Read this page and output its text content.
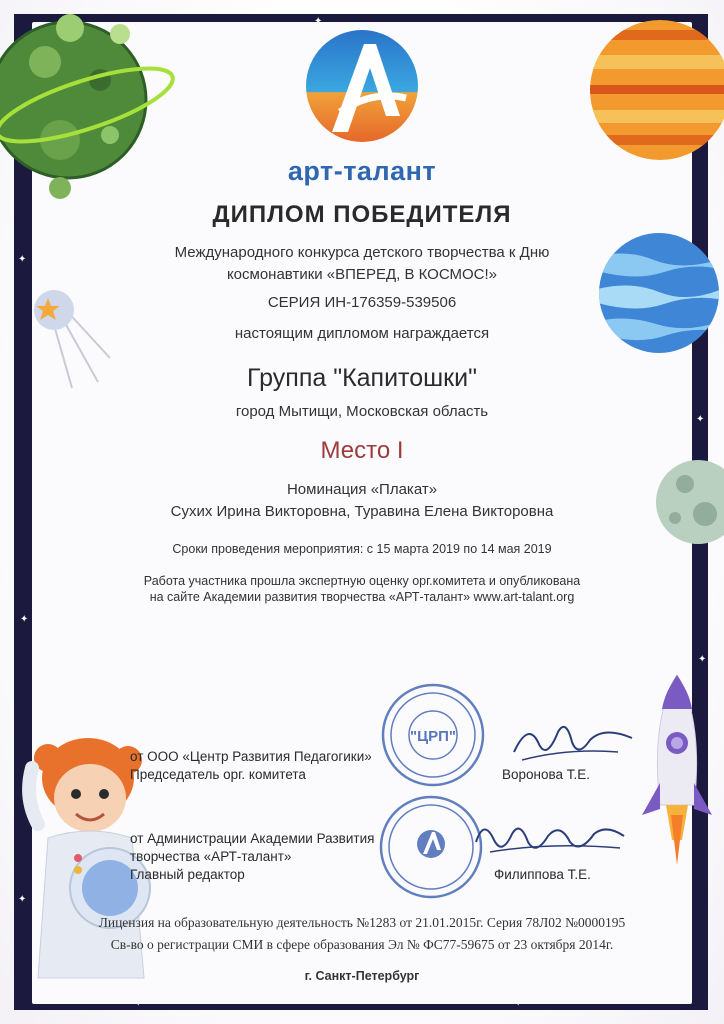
✦
✦
✦
✦
✦
арт-талант
ДИПЛОМ ПОБЕДИТЕЛЯ
Международного конкурса детского творчества к Дню
космонавтики «ВПЕРЕД, В КОСМОС!»
СЕРИЯ ИН-176359-539506
настоящим дипломом награждается
Группа "Капитошки"
город Мытищи, Московская область
Место I
Номинация «Плакат»
Сухих Ирина Викторовна, Туравина Елена Викторовна
Сроки проведения мероприятия: с 15 марта 2019 по 14 мая 2019
Работа участника прошла экспертную оценку орг.комитета и опубликована
на сайте Академии развития творчества «АРТ-талант» www.art-talant.org
"ЦРП"
от ООО «Центр Развития Педагогики»
Председатель орг. комитета	Воронова Т.Е.
от Администрации Академии Развития
творчества «АРТ-талант»
Главный редактор	Филиппова Т.Е.
Лицензия на образовательную деятельность №1283 от 21.01.2015г. Серия 78Л02 №0000195
Св-во о регистрации СМИ в сфере образования Эл № ФС77-59675 от 23 октября 2014г.
г. Санкт-Петербург
